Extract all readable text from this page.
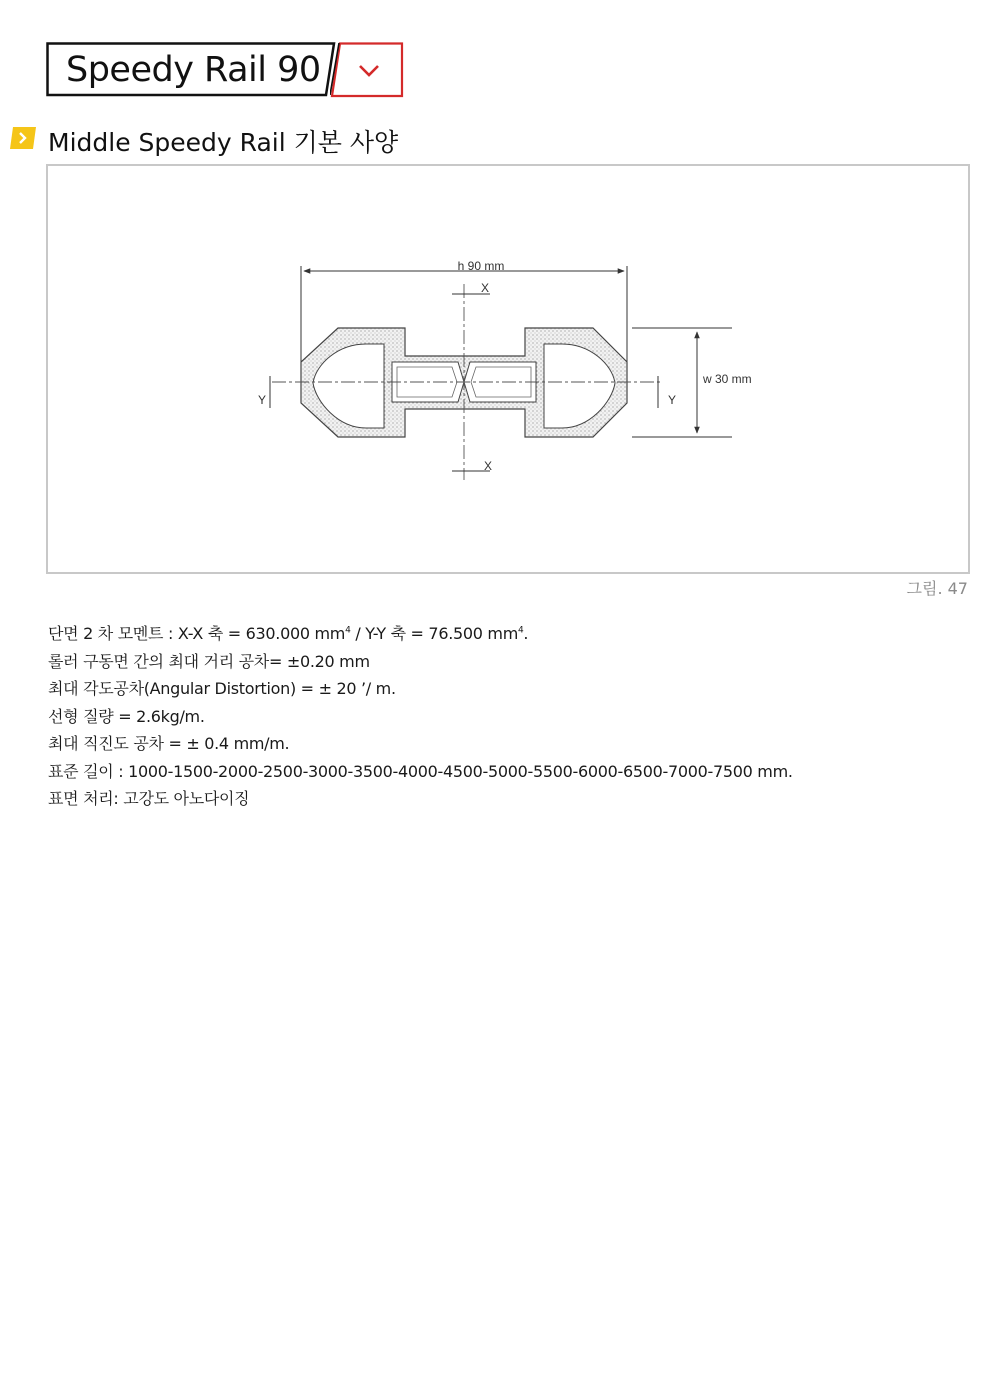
Speedy Rail 90
Middle Speedy Rail 기본 사양
h 90 mm
w 30 mm
X
X
Y	Y
그림. 47
단면 2 차 모멘트 : X-X 축 = 630.000 $mm^4 / Y-Y$ 축 = 76.500 $mm^4$.
롤러 구동면 간의 최대 거리 공차= ±0.20 mm
최대 각도공차(Angular Distortion) = ± 20 ’/ m.
선형 질량 = 2.6kg/m.
최대 직진도 공차 = ± 0.4 mm/m.
표준 길이 : 1000-1500-2000-2500-3000-3500-4000-4500-5000-5500-6000-6500-7000-7500 mm.
표면 처리: 고강도 아노다이징
